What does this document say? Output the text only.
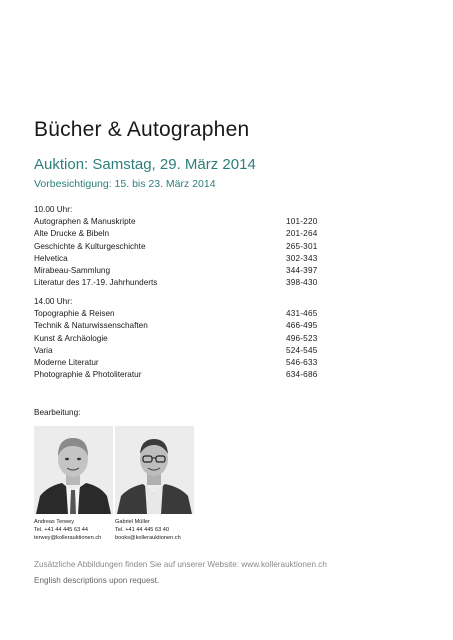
Bücher & Autographen
Auktion: Samstag, 29. März 2014
Vorbesichtigung: 15. bis 23. März 2014
10.00 Uhr:
Autographen & Manuskripte	101-220
Alte Drucke & Bibeln	201-264
Geschichte & Kulturgeschichte	265-301
Helvetica	302-343
Mirabeau-Sammlung	344-397
Literatur des 17.-19. Jahrhunderts	398-430
14.00 Uhr:
Topographie & Reisen	431-465
Technik & Naturwissenschaften	466-495
Kunst & Archäologie	496-523
Varia	524-545
Moderne Literatur	546-633
Photographie & Photoliteratur	634-686
Bearbeitung:
Andreas Terwey
Tel. +41 44 445 63 44
terwey@kollerauktionen.ch
Gabriel Müller
Tel. +41 44 445 63 40
books@kollerauktionen.ch
Zusätzliche Abbildungen finden Sie auf unserer Website: www.kollerauktionen.ch
English descriptions upon request.
